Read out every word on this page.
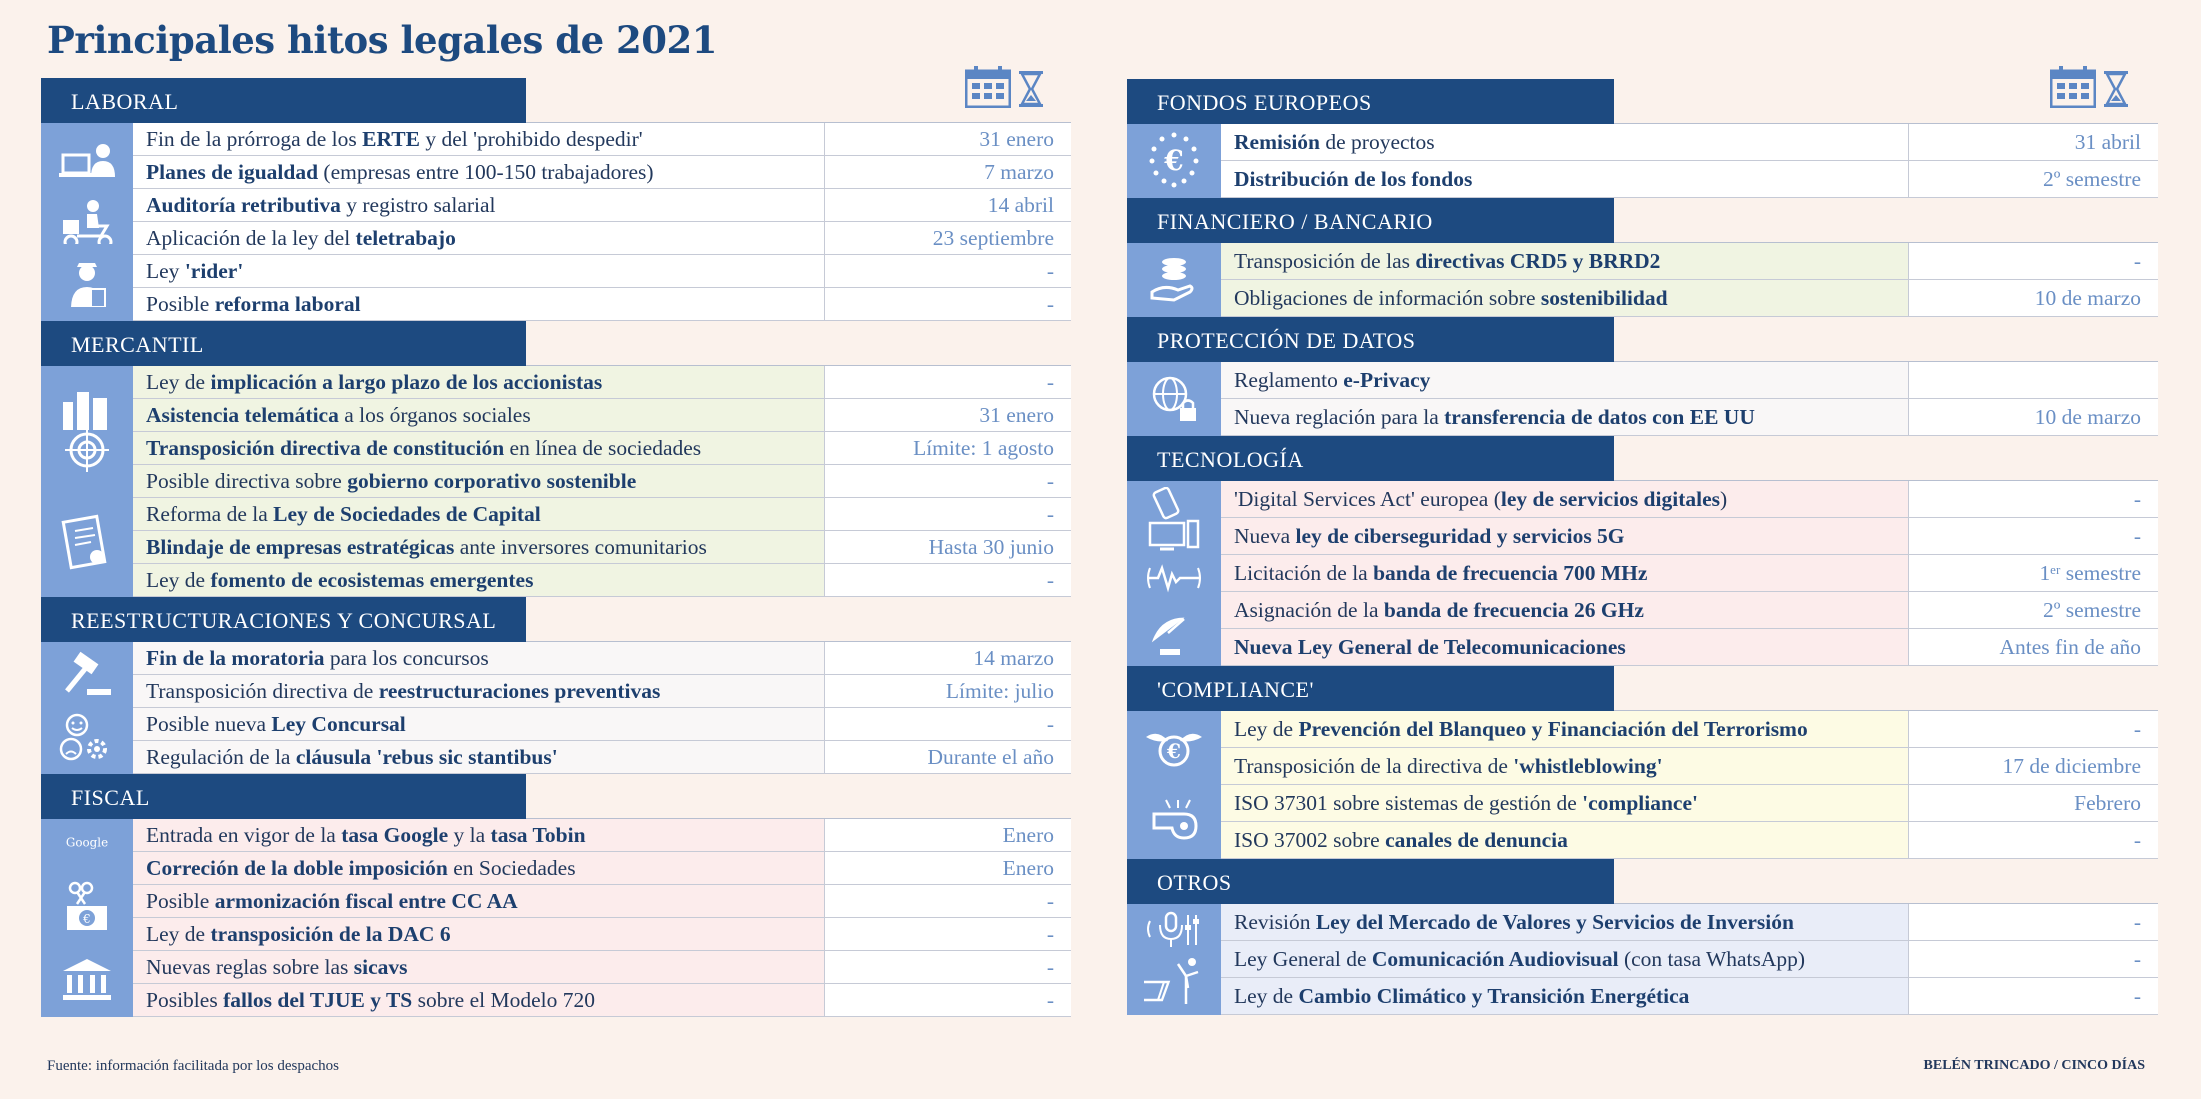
Principales hitos legales de 2021
LABORAL
Fin de la prórroga de los ERTE y del 'prohibido despedir'	31 enero
Planes de igualdad (empresas entre 100-150 trabajadores)	7 marzo
Auditoría retributiva y registro salarial	14 abril
Aplicación de la ley del teletrabajo	23 septiembre
Ley 'rider'	-
Posible reforma laboral	-
MERCANTIL
Ley de implicación a largo plazo de los accionistas	-
Asistencia telemática a los órganos sociales	31 enero
Transposición directiva de constitución en línea de sociedades	Límite: 1 agosto
Posible directiva sobre gobierno corporativo sostenible	-
Reforma de la Ley de Sociedades de Capital	-
Blindaje de empresas estratégicas ante inversores comunitarios	Hasta 30 junio
Ley de fomento de ecosistemas emergentes	-
REESTRUCTURACIONES Y CONCURSAL
Fin de la moratoria para los concursos	14 marzo
Transposición directiva de reestructuraciones preventivas	Límite: julio
Posible nueva Ley Concursal	-
Regulación de la cláusula 'rebus sic stantibus'	Durante el año
FISCAL
Google
€
Entrada en vigor de la tasa Google y la tasa Tobin	Enero
Correción de la doble imposición en Sociedades	Enero
Posible armonización fiscal entre CC AA	-
Ley de transposición de la DAC 6	-
Nuevas reglas sobre las sicavs	-
Posibles fallos del TJUE y TS sobre el Modelo 720	-
FONDOS EUROPEOS
€
Remisión de proyectos	31 abril
Distribución de los fondos	2º semestre
FINANCIERO / BANCARIO
Transposición de las directivas CRD5 y BRRD2	-
Obligaciones de información sobre sostenibilidad	10 de marzo
PROTECCIÓN DE DATOS
Reglamento e-Privacy
Nueva reglación para la transferencia de datos con EE UU	10 de marzo
TECNOLOGÍA
'Digital Services Act' europea (ley de servicios digitales)	-
Nueva ley de ciberseguridad y servicios 5G	-
Licitación de la banda de frecuencia 700 MHz	1ᵉʳ semestre
Asignación de la banda de frecuencia 26 GHz	2º semestre
Nueva Ley General de Telecomunicaciones	Antes fin de año
'COMPLIANCE'
€
Ley de Prevención del Blanqueo y Financiación del Terrorismo	-
Transposición de la directiva de 'whistleblowing'	17 de diciembre
ISO 37301 sobre sistemas de gestión de 'compliance'	Febrero
ISO 37002 sobre canales de denuncia	-
OTROS
Revisión Ley del Mercado de Valores y Servicios de Inversión	-
Ley General de Comunicación Audiovisual (con tasa WhatsApp)	-
Ley de Cambio Climático y Transición Energética	-
Fuente: información facilitada por los despachos	BELÉN TRINCADO / CINCO DÍAS
